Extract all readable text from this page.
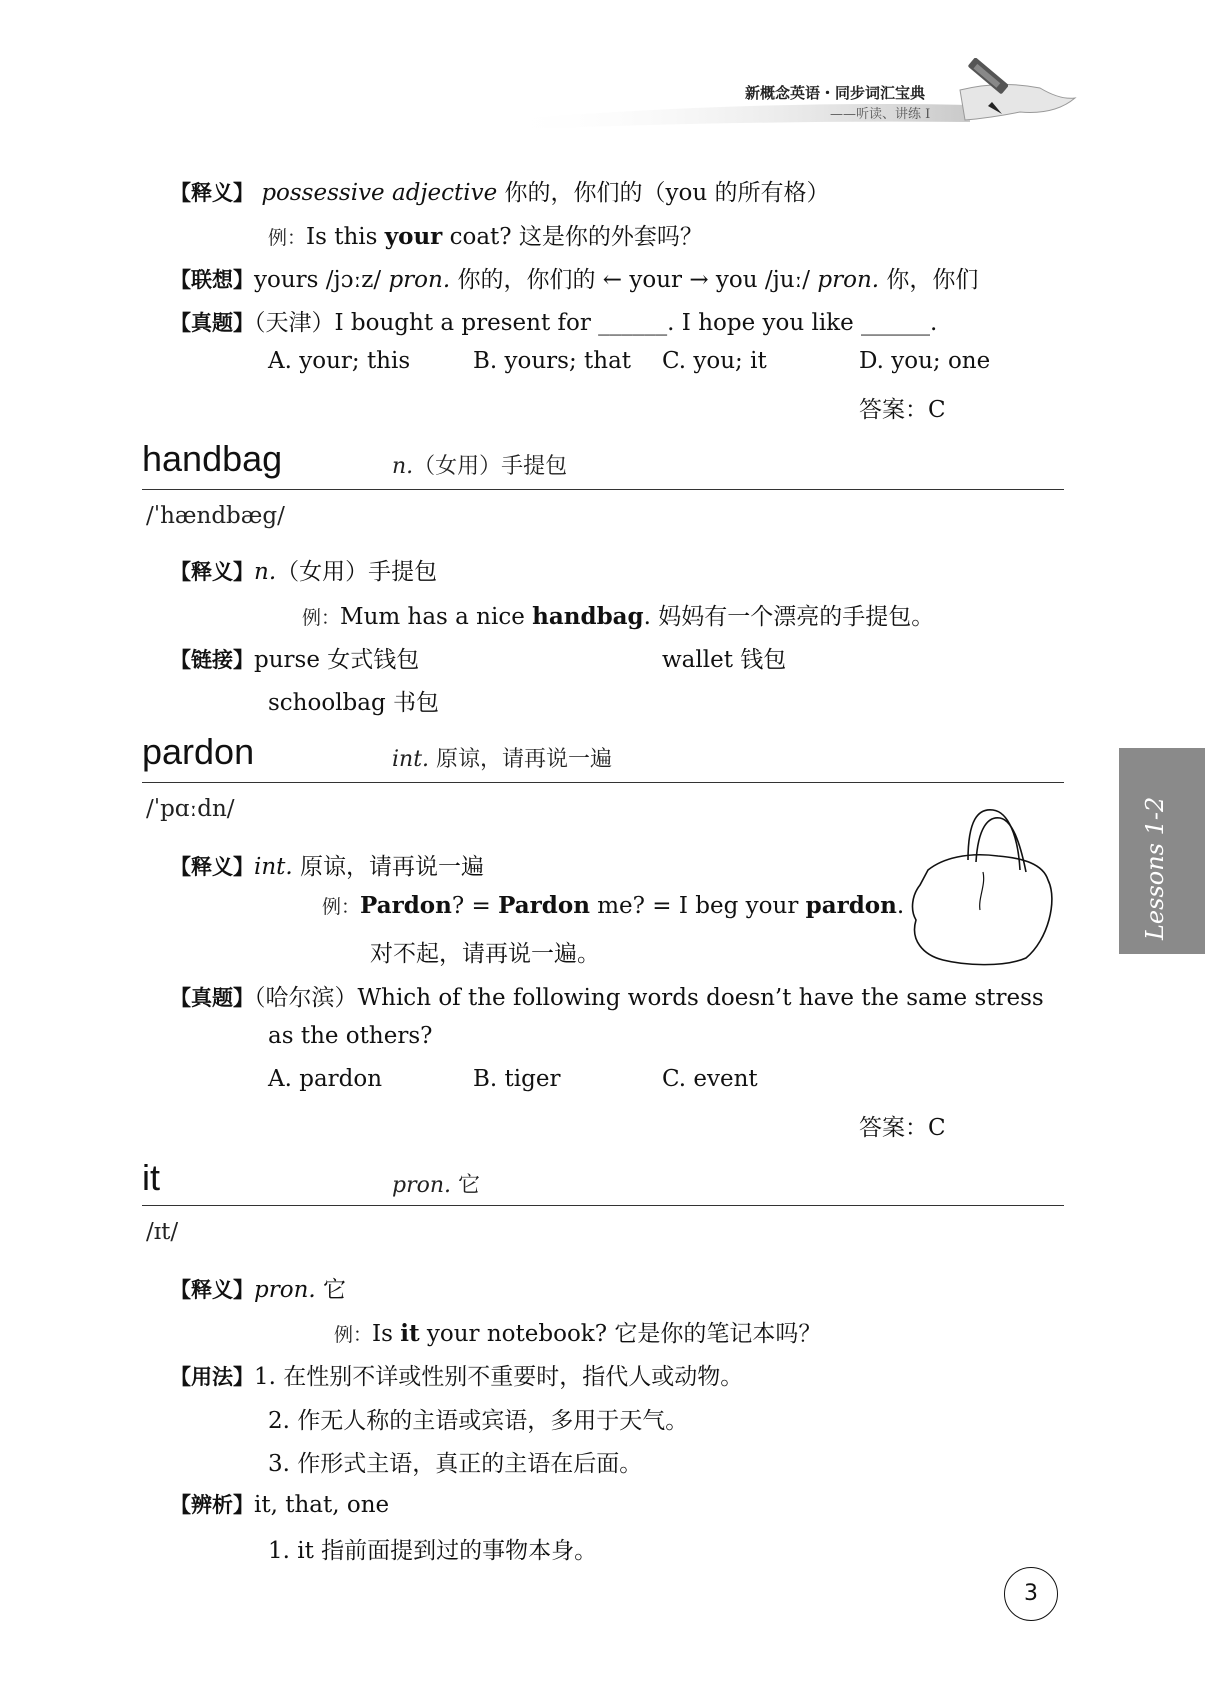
新概念英语・同步词汇宝典
——听读、讲练 I
【释义】 possessive adjective 你的，你们的（you 的所有格）
例：Is this your coat? 这是你的外套吗？
【联想】yours /jɔːz/ pron. 你的，你们的 ← your → you /juː/ pron. 你，你们
【真题】（天津）I bought a present for ______. I hope you like ______.
A. your; this	B. yours; that C. you; it	D. you; one
答案：C
handbag	n.（女用）手提包
/ˈhændbæg/
【释义】n.（女用）手提包
例：Mum has a nice handbag. 妈妈有一个漂亮的手提包。
【链接】purse 女式钱包	wallet 钱包
schoolbag 书包
pardon	int. 原谅，请再说一遍
/ˈpɑːdn/
【释义】int. 原谅，请再说一遍
例：Pardon? = Pardon me? = I beg your pardon.
对不起，请再说一遍。
【真题】（哈尔滨）Which of the following words doesn’t have the same stress
as the others?
A. pardon	B. tiger	C. event
答案：C
it	pron. 它
/ɪt/
【释义】pron. 它
例：Is it your notebook? 它是你的笔记本吗？
【用法】1. 在性别不详或性别不重要时，指代人或动物。
2. 作无人称的主语或宾语，多用于天气。
3. 作形式主语，真正的主语在后面。
【辨析】it, that, one
1. it 指前面提到过的事物本身。
Lessons 1-2
3
